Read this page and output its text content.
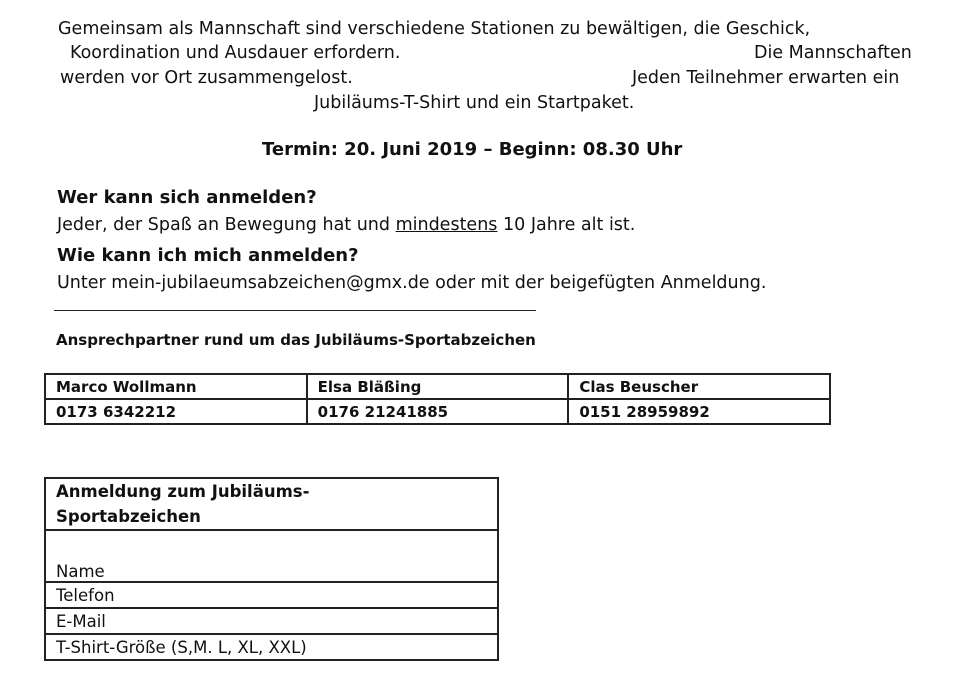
Gemeinsam als Mannschaft sind verschiedene Stationen zu bewältigen, die Geschick,
Koordination und Ausdauer erfordern.	Die Mannschaften
werden vor Ort zusammengelost.	Jeden Teilnehmer erwarten ein
Jubiläums-T-Shirt und ein Startpaket.
Termin: 20. Juni 2019 – Beginn: 08.30 Uhr
Wer kann sich anmelden?
Jeder, der Spaß an Bewegung hat und mindestens 10 Jahre alt ist.
Wie kann ich mich anmelden?
Unter mein-jubilaeumsabzeichen@gmx.de oder mit der beigefügten Anmeldung.
Ansprechpartner rund um das Jubiläums-Sportabzeichen
Marco Wollmann	Elsa Bläßing	Clas Beuscher
0173 6342212	0176 21241885	0151 28959892
Anmeldung zum Jubiläums-
Sportabzeichen
Name
Telefon
E-Mail
T-Shirt-Größe (S,M. L, XL, XXL)
